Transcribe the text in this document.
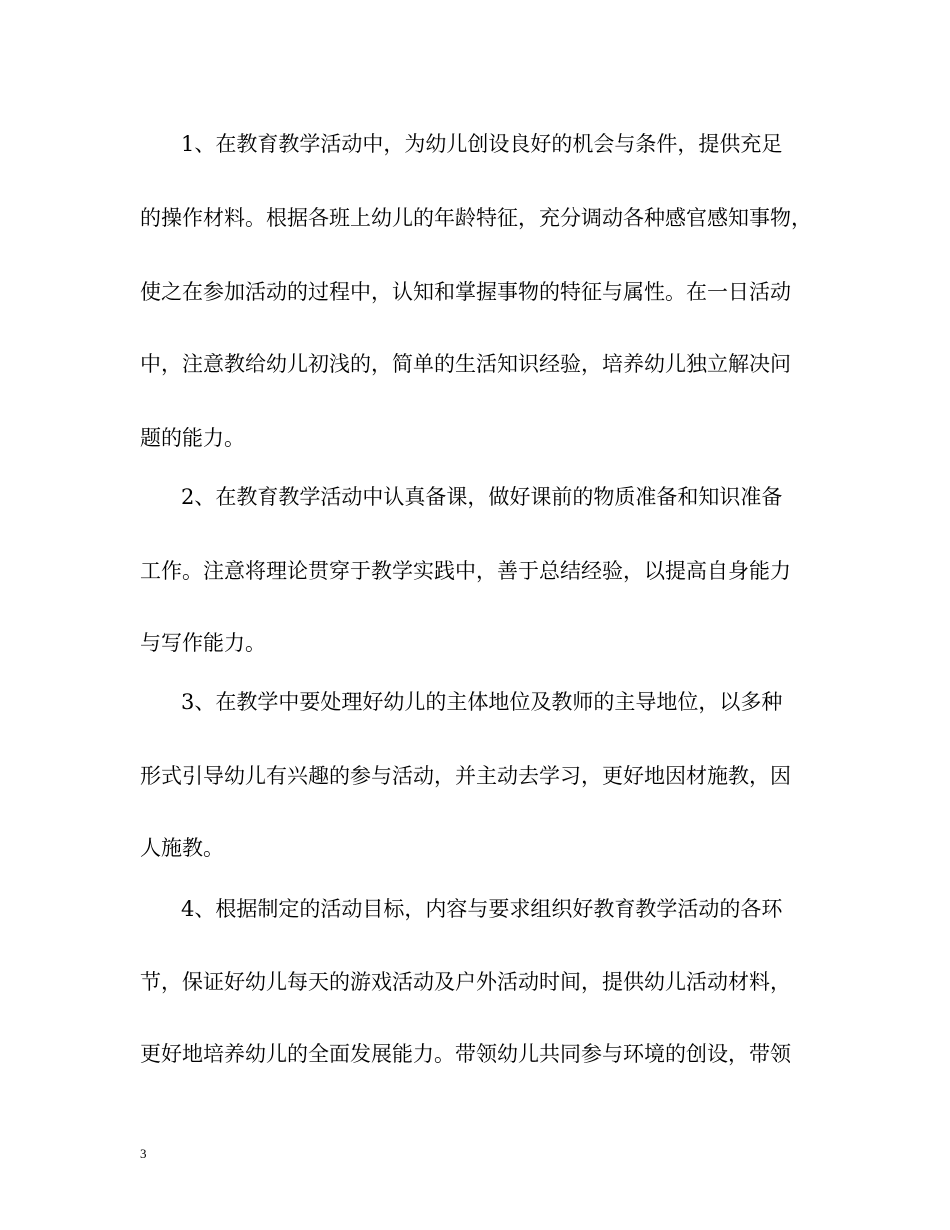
1、在教育教学活动中，为幼儿创设良好的机会与条件，提供充足
的操作材料。根据各班上幼儿的年龄特征，充分调动各种感官感知事物，
使之在参加活动的过程中，认知和掌握事物的特征与属性。在一日活动
中，注意教给幼儿初浅的，简单的生活知识经验，培养幼儿独立解决问
题的能力。
2、在教育教学活动中认真备课，做好课前的物质准备和知识准备
工作。注意将理论贯穿于教学实践中，善于总结经验，以提高自身能力
与写作能力。
3、在教学中要处理好幼儿的主体地位及教师的主导地位，以多种
形式引导幼儿有兴趣的参与活动，并主动去学习，更好地因材施教，因
人施教。
4、根据制定的活动目标，内容与要求组织好教育教学活动的各环
节，保证好幼儿每天的游戏活动及户外活动时间，提供幼儿活动材料，
更好地培养幼儿的全面发展能力。带领幼儿共同参与环境的创设，带领
3
